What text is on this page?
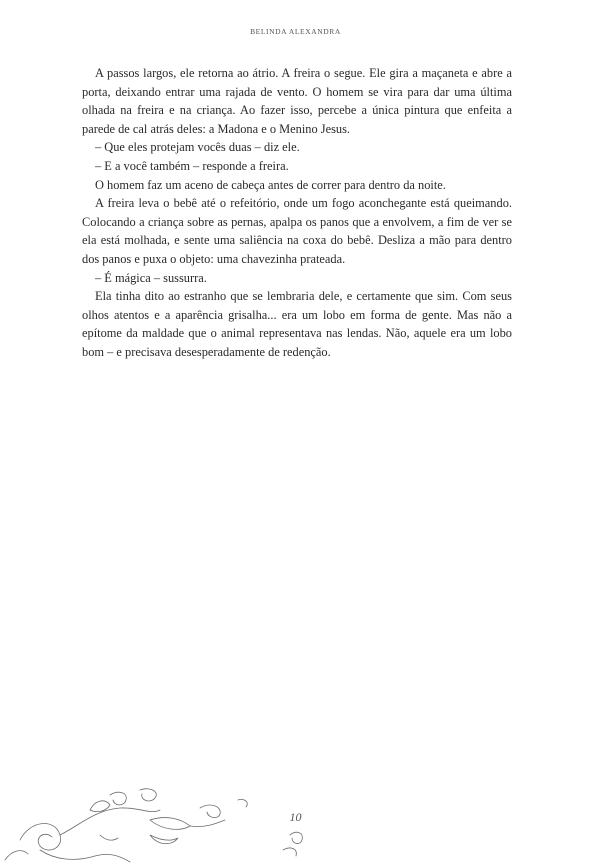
BELINDA ALEXANDRA

A passos largos, ele retorna ao átrio. A freira o segue. Ele gira a maçaneta e abre a porta, deixando entrar uma rajada de vento. O homem se vira para dar uma última olhada na freira e na criança. Ao fazer isso, percebe a única pintura que enfeita a parede de cal atrás deles: a Madona e o Menino Jesus.

– Que eles protejam vocês duas – diz ele.

– E a você também – responde a freira.

O homem faz um aceno de cabeça antes de correr para dentro da noite.

A freira leva o bebê até o refeitório, onde um fogo aconchegante está queimando. Colocando a criança sobre as pernas, apalpa os panos que a envolvem, a fim de ver se ela está molhada, e sente uma saliência na coxa do bebê. Desliza a mão para dentro dos panos e puxa o objeto: uma chavezinha prateada.

– É mágica – sussurra.

Ela tinha dito ao estranho que se lembraria dele, e certamente que sim. Com seus olhos atentos e a aparência grisalha... era um lobo em forma de gente. Mas não a epítome da maldade que o animal representava nas lendas. Não, aquele era um lobo bom – e precisava desesperadamente de redenção.

10
